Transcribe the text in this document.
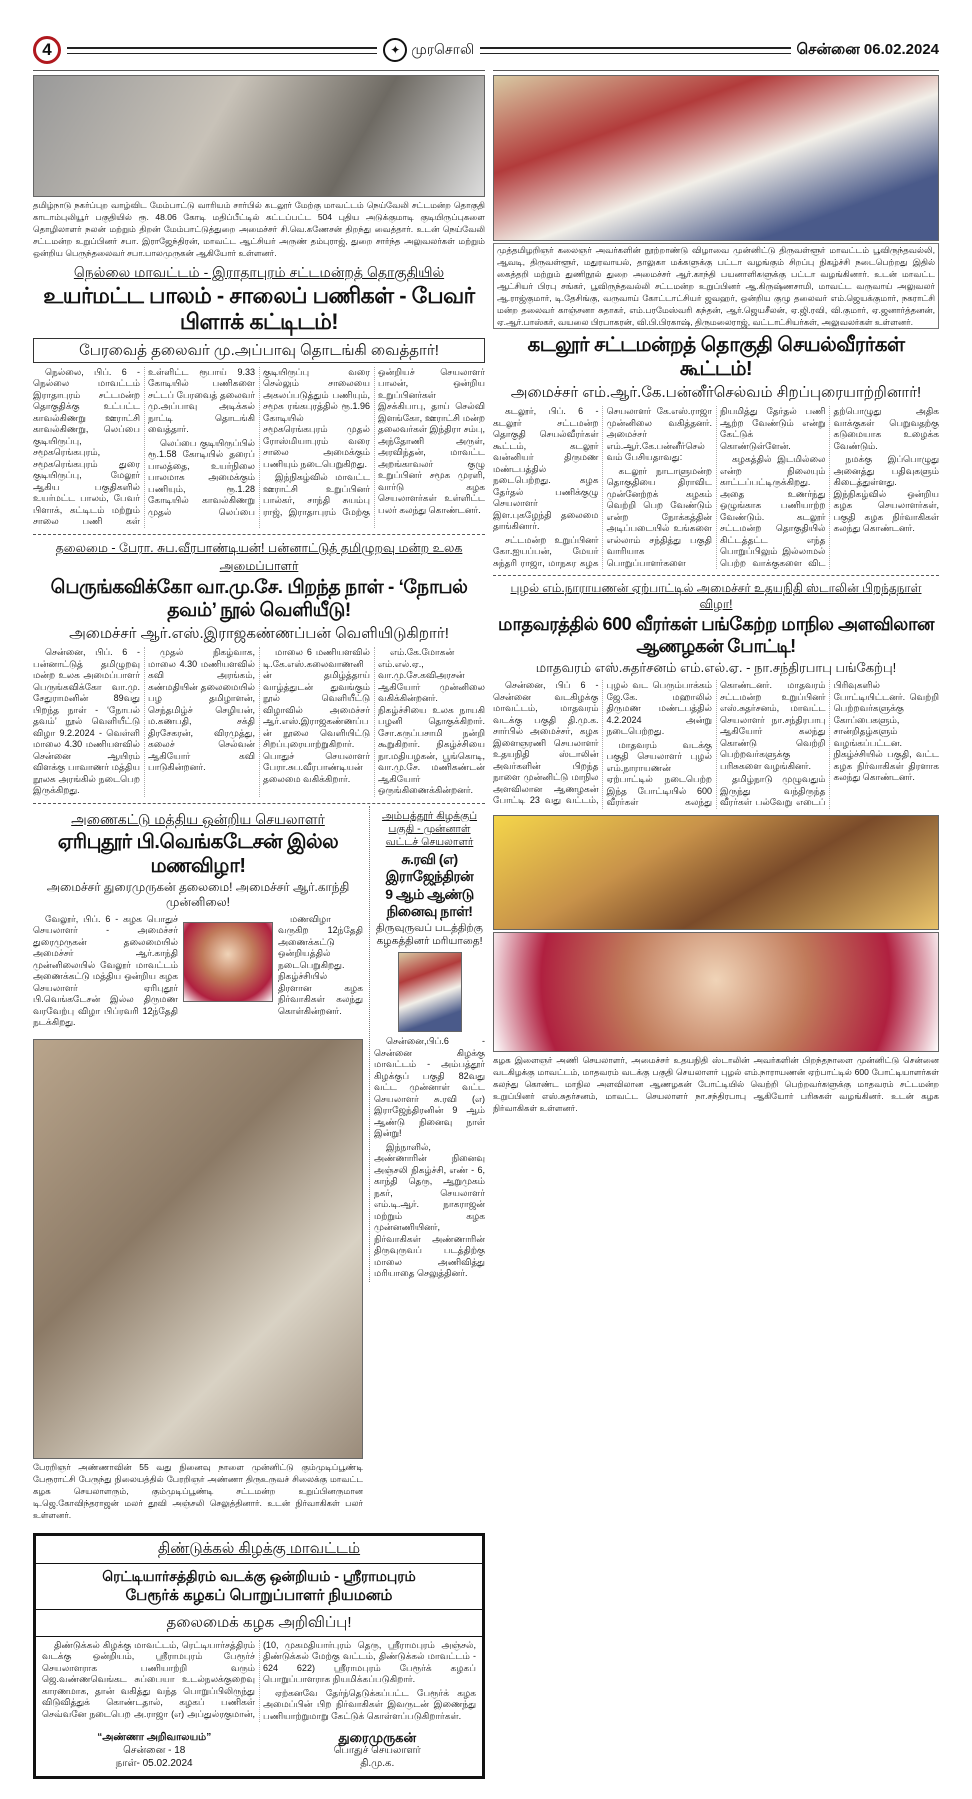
4	✦ முரசொலி	சென்னை 06.02.2024
தமிழ்நாடு நகர்ப்புற வாழ்விட மேம்பாட்டு வாரியம் சார்பில் கடலூர் மேற்கு மாவட்டம் நெய்வேலி சட்டமன்ற தொகுதி காடாம்புலியூர் பகுதியில் ரூ. 48.06 கோடி மதிப்பீட்டில் கட்டப்பட்ட 504 புதிய அடுக்குமாடி குடியிருப்புகளை தொழிலாளர் நலன் மற்றும் திறன் மேம்பாட்டுத்துறை அமைச்சர் சி.வெ.கணேசன் திறந்து வைத்தார். உடன் நெய்வேலி சட்டமன்ற உறுப்பினர் சபா. இராஜேந்திரன், மாவட்ட ஆட்சியர் அருண் தம்புராஜ், துறை சார்ந்த அலுவலர்கள் மற்றும் ஒன்றிய பெருந்தலைவர் சபா.பாலமுருகன் ஆகியோர் உள்ளனர்.
நெல்லை மாவட்டம் - இராதாபுரம் சட்டமன்றத் தொகுதியில்
உயர்மட்ட பாலம் - சாலைப் பணிகள் - பேவர் பிளாக் கட்டிடம்!
பேரவைத் தலைவர் மு.அப்பாவு தொடங்கி வைத்தார்!

நெல்லை, பிப். 6 - நெல்லை மாவட்டம் இராதாபுரம் சட்டமன்ற தொகுதிக்கு உட்பட்ட காவல்கிணறு ஊராட்சி காவல்கிணறு, லெப்பை குடியிருப்பு, சமூகரெங்கபுரம், சமூகரெங்கபுரம் துரை குடியிருப்பு, மேலூர் ஆகிய பகுதிகளில் உயர்மட்ட பாலம், பேவர் பிளாக், கட்டிடம் மற்றும் சாலை பணி கள் உள்ளிட்ட ரூபாய் 9.33 கோடியில் பணிகளை சட்டப் பேரவைத் தலைவர் மு.அப்பாவு அடிக்கல் நாட்டி தொடங்கி வைத்தார்.

லெப்பை குடியிருப்பில் ரூ.1.58 கோடியில் தரைப் பாலத்தை, உயர்நிலை பாலமாக அமைக்கும் பணியும், ரூ.1.28 கோடியில் காவல்கிணறு முதல் லெப்பை குடியிருப்பு வரை செல்லும் சாலையை அகலப்படுத்தும் பணியும், சமூக ரங்கபுரத்தில் ரூ.1.96 கோடியில் சமூகரெங்கபுரம் முதல் ரோஸ்மியாபுரம் வரை சாலை அமைக்கும் பணியும் நடைபெறுகிறது.

இந்நிகழ்வில் மாவட்ட ஊராட்சி உறுப்பினர் பால்கர், சாந்தி சுயம்பு ராஜ், இராதாபுரம் மேற்கு ஒன்றியச் செயலாளர் பாலன், ஒன்றிய உறுப்பினர்கள் இசக்கிபாபு, தாய் செல்வி இளங்கோ, ஊராட்சி மன்ற தலைவர்கள் இந்திரா சம்பு, அந்தோணி அருள், அரவிந்தன், மாவட்ட அறங்காவலர் குழு உறுப்பினர் சமூக முரளி, வார்டு கழக செயலாளர்கள் உள்ளிட்ட பலர் கலந்து கொண்டனர்.

தலைமை - பேரா. சுப.வீரபாண்டியன்! பன்னாட்டுத் தமிழுறவு மன்ற உலக அமைப்பாளர்
பெருங்கவிக்கோ வா.மு.சே. பிறந்த நாள் - ‘நோபல் தவம்’ நூல் வெளியீடு!
அமைச்சர் ஆர்.எஸ்.இராஜகண்ணப்பன் வெளியிடுகிறார்!

சென்னை, பிப். 6 - பன்னாட்டுத் தமிழுறவு மன்ற உலக அமைப்பாளர் பெருங்கவிக்கோ வா.மு. சேதுராமனின் 89வது பிறந்த நாள் - ‘நோபல் தவம்’ நூல் வெளியீட்டு விழா 9.2.2024 - வெள்ளி மாலை 4.30 மணியளவில் சென்னை ஆயிரம் விளக்கு பாவாணர் மத்திய நூலக அரங்கில் நடைபெற இருக்கிறது.

முதல் நிகழ்வாக, மாலை 4.30 மணியளவில் கவி அரங்கம், கண்மதியின் தலைமையில் பழ தமிழாளன், செந்தமிழ்ச் செழியன், ம.கணபதி, சக்தி திரசேகரன், விரமுத்து, கலைச் செல்வன் ஆகியோர் கவி பாடுகின்றனர்.

மாலை 6 மணியளவில் டி.கே.எஸ்.கலைவாணனின் தமிழ்த்தாய் வாழ்த்துடன் துவங்கும் நூல் வெளியீட்டு விழாவில் அமைச்சர் ஆர்.எஸ்.இராஜகண்ணப்பன் நூலை வெளியிட்டு சிறப்புரையாற்றுகிறார். பொதுச் செயலாளர் பேரா.சுப.வீரபாண்டியன் தலைமை வகிக்கிறார்.

எம்.கே.மோகன் எம்.எல்.ஏ., வா.மு.சே.கவிஅரசன் ஆகியோர் முன்னிலை வகிக்கின்றனர். நிகழ்ச்சியை உலக நாயகி பழனி தொகுக்கிறார். சோ.கருப்பசாமி நன்றி கூறுகிறார். நிகழ்ச்சியை நா.மதியழகன், பூங்கொடி, வா.மு.சே. மணிகண்டன் ஆகியோர் ஒருங்கிணைக்கின்றனர்.

அணைகட்டு மத்திய ஒன்றிய செயலாளர்
ஏரிபுதூர் பி.வெங்கடேசன் இல்ல மணவிழா!
அமைச்சர் துரைமுருகன் தலைமை! அமைச்சர் ஆர்.காந்தி முன்னிலை!

வேலூர், பிப். 6 - கழக பொதுச் செயலாளர் - அமைச்சர் துரைமுருகன் தலைமையில் அமைச்சர் ஆர்.காந்தி முன்னிலையில் வேலூர் மாவட்டம் அணைக்கட்டு மத்திய ஒன்றிய கழக செயலாளர் ஏரிபுதூர் பி.வெங்கடேசன் இல்ல திருமண வரவேற்பு விழா பிப்ரவரி 12ந்தேதி நடக்கிறது.

மணவிழா வருகிற 12ந்தேதி அணைக்கட்டு ஒன்றியத்தில் நடைபெறுகிறது. நிகழ்ச்சியில் திரளான கழக நிர்வாகிகள் கலந்து கொள்கின்றனர்.

பேரறிஞர் அண்ணாவின் 55 வது நினைவு நாளை முன்னிட்டு கும்முடிப்பூண்டி பேரூராட்சி பேருந்து நிலையத்தில் பேரறிஞர் அண்ணா திருஉருவச் சிலைக்கு மாவட்ட கழக செயலாளரும், கும்முடிப்பூண்டி சட்டமன்ற உறுப்பினருமான டி.ஜெ.கோவிந்தராஜன் மலர் தூவி அஞ்சலி செலுத்தினார். உடன் நிர்வாகிகள் பலர் உள்ளனர்.
அம்பத்தூர் கிழக்குப் பகுதி - முன்னாள் வட்டச் செயலாளர்
சு.ரவி (எ) இராஜேந்திரன்
9 ஆம் ஆண்டு நினைவு நாள்!
திருவுருவப் படத்திற்கு கழகத்தினர் மரியாதை!

சென்னை,பிப்.6 - சென்னை கிழக்கு மாவட்டம் - அம்பத்தூர் கிழக்குப் பகுதி 82வது வட்ட முன்னாள் வட்ட செயலாளர் சு.ரவி (எ) இராஜேந்திரனின் 9 ஆம் ஆண்டு நினைவு நாள் இன்று!

இந்நாளில், அண்ணாரின் நினைவு அஞ்சலி நிகழ்ச்சி, எண் - 6, காந்தி தெரு, ஆறுமுகம் நகர், செயலாளர் எம்.டி.ஆர். நாகராஜன் மற்றும் கழக முன்னணியினர், நிர்வாகிகள் அண்ணாரின் திருவுருவப் படத்திற்கு மாலை அணிவித்து மரியாதை செலுத்தினர்.

திண்டுக்கல் கிழக்கு மாவட்டம்
ரெட்டியார்சத்திரம் வடக்கு ஒன்றியம் - ஸ்ரீராமபுரம்
பேரூர்க் கழகப் பொறுப்பாளர் நியமனம்
தலைமைக் கழக அறிவிப்பு!

திண்டுக்கல் கிழக்கு மாவட்டம், ரெட்டியார்சத்திரம் வடக்கு ஒன்றியம், ஸ்ரீராமபுரம் பேரூர்ச் செயலாளராக பணியாற்றி வரும் ஜெ.வண்ணவெங்கட சுப்பையா உடல்நலக்குறைவு காரணமாக, தான் வகித்து வந்த பொறுப்பிலிருந்து விடுவித்துக் கொண்டதால், கழகப் பணிகள் செவ்வனே நடைபெற அ.ராஜா (எ) அப்துல்ரகுமான், (10, முகமதியார்புரம் தெரு, ஸ்ரீராமபுரம் அஞ்சல், திண்டுக்கல் மேற்கு வட்டம், திண்டுக்கல் மாவட்டம் - 624 622) ஸ்ரீராமபுரம் பேரூர்க் கழகப் பொறுப்பாளராக நியமிக்கப்படுகிறார்.

ஏற்கனவே தேர்ந்தெடுக்கப்பட்ட பேரூர்க் கழக அமைப்பின் பிற நிர்வாகிகள் இவருடன் இணைந்து பணியாற்றுமாறு கேட்டுக் கொள்ளப்படுகிறார்கள்.

“அண்ணா அறிவாலயம்”
சென்னை - 18
நாள்- 05.02.2024
துரைமுருகன்
பொதுச் செயலாளர்
தி.மு.க.
முத்தமிழறிஞர் கலைஞர் அவர்களின் நூற்றாண்டு விழாவை முன்னிட்டு திருவள்ளூர் மாவட்டம் பூவிருந்தவல்லி, ஆவடி, திருவள்ளூர், மதுரவாயல், தாலுகா மக்களுக்கு பட்டா வழங்கும் சிறப்பு நிகழ்ச்சி நடைபெற்றது இதில் கைத்தறி மற்றும் துணிநூல் துறை அமைச்சர் ஆர்.காந்தி பயனாளிகளுக்கு பட்டா வழங்கினார். உடன் மாவட்ட ஆட்சியர் பிரபு சங்கர், பூவிருந்தவல்லி சட்டமன்ற உறுப்பினர் ஆ.கிருஷ்ணசாமி, மாவட்ட வருவாய் அலுவலர் ஆ.ராஜ்குமார், டி.தேசிங்கு, வருவாய் கோட்டாட்சியர் ஜவஹர், ஒன்றிய குழு தலைவர் எம்.ஜெயக்குமார், நகராட்சி மன்ற தலைவர் காஞ்சனா சுதாகர், எம்.பரமேஸ்வரி கந்தன், ஆர்.ஜெயசீலன், ஏ.ஜி.ரவி, வி.குமார், ஏ.ஜனார்த்தனன், ஏ.ஆர்.பாஸ்கர், வயலை பிரபாகரன், வி.பி.பிரகாஷ், திருமலைராஜ், வட்டாட்சியர்கள், அலுவலர்கள் உள்ளனர்.
கடலூர் சட்டமன்றத் தொகுதி செயல்வீரர்கள் கூட்டம்!
அமைச்சர் எம்.ஆர்.கே.பன்னீர்செல்வம் சிறப்புரையாற்றினார்!

கடலூர், பிப். 6 - கடலூர் சட்டமன்ற தொகுதி செயல்வீரர்கள் கூட்டம், கடலூர் வன்னியர் திருமண மண்டபத்தில் நடைபெற்றது. கழக தேர்தல் பணிக்குழு செயலாளர் இள.புகழேந்தி தலைமை தாங்கினார்.

சட்டமன்ற உறுப்பினர் கோ.ஐயப்பன், மேயர் சுந்தரி ராஜா, மாநகர கழக செயலாளர் கே.எஸ்.ராஜா முன்னிலை வகித்தனர். அமைச்சர் எம்.ஆர்.கே.பன்னீர்செல்வம் பேசியதாவது:

கடலூர் நாடாளுமன்ற தொகுதியை திராவிட முன்னேற்றக் கழகம் வெற்றி பெற வேண்டும் என்ற நோக்கத்தின் அடிப்படையில் உங்களை எல்லாம் சந்தித்து பகுதி வாரியாக பொறுப்பாளர்களை நியமித்து தேர்தல் பணி ஆற்ற வேண்டும் என்று கேட்டுக் கொண்டுள்ளேன்.

கழகத்தில் இடமில்லை என்ற நிலையும் காட்டப்பட்டிருக்கிறது. அதை உணர்ந்து ஒழுங்காக பணியாற்ற வேண்டும். கடலூர் சட்டமன்ற தொகுதியில் கிட்டத்தட்ட எந்த பொறுப்பிலும் இல்லாமல் பெற்ற வாக்குகளை விட தற்பொழுது அதிக வாக்குகள் பெறுவதற்கு கடுமையாக உழைக்க வேண்டும்.

நமக்கு இப்பொழுது அனைத்து பதிவுகளும் கிடைத்துள்ளது. இந்நிகழ்வில் ஒன்றிய கழக செயலாளர்கள், பகுதி கழக நிர்வாகிகள் கலந்து கொண்டனர்.

புழல் எம்.நாராயணன் ஏற்பாட்டில் அமைச்சர் உதயநிதி ஸ்டாலின் பிறந்தநாள் விழா!
மாதவரத்தில் 600 வீரர்கள் பங்கேற்ற மாநில அளவிலான ஆணழகன் போட்டி!
மாதவரம் எஸ்.சுதர்சனம் எம்.எல்.ஏ. - நா.சந்திரபாபு பங்கேற்பு!

சென்னை, பிப் 6 - சென்னை வடகிழக்கு மாவட்டம், மாதவரம் வடக்கு பகுதி தி.மு.க. சார்பில் அமைச்சர், கழக இளைஞரணி செயலாளர் உதயநிதி ஸ்டாலின் அவர்களின் பிறந்த நாளை முன்னிட்டு மாநில அளவிலான ஆணழகன் போட்டி 23 வது வட்டம், புழல் வட பெரும்பாக்கம் ஜே.கே. மஹாலில் திருமண மண்டபத்தில் 4.2.2024 அன்று நடைபெற்றது.

மாதவரம் வடக்கு பகுதி செயலாளர் புழல் எம்.நாராயணன் ஏற்பாட்டில் நடைபெற்ற இந்த போட்டியில் 600 வீரர்கள் கலந்து கொண்டனர். மாதவரம் சட்டமன்ற உறுப்பினர் எஸ்.சுதர்சனம், மாவட்ட செயலாளர் நா.சந்திரபாபு ஆகியோர் கலந்து கொண்டு வெற்றி பெற்றவர்களுக்கு பரிசுகளை வழங்கினர்.

தமிழ்நாடு முழுவதும் இருந்து வந்திருந்த வீரர்கள் பல்வேறு எடைப் பிரிவுகளில் போட்டியிட்டனர். வெற்றி பெற்றவர்களுக்கு கோப்பைகளும், சான்றிதழ்களும் வழங்கப்பட்டன. நிகழ்ச்சியில் பகுதி, வட்ட கழக நிர்வாகிகள் திரளாக கலந்து கொண்டனர்.

கழக இளைஞர் அணி செயலாளர், அமைச்சர் உதயநிதி ஸ்டாலின் அவர்களின் பிறந்தநாளை முன்னிட்டு சென்னை வடகிழக்கு மாவட்டம், மாதவரம் வடக்கு பகுதி செயலாளர் புழல் எம்.நாராயணன் ஏற்பாட்டில் 600 போட்டியாளர்கள் கலந்து கொண்ட மாநில அளவிலான ஆணழகன் போட்டியில் வெற்றி பெற்றவர்களுக்கு மாதவரம் சட்டமன்ற உறுப்பினர் எஸ்.சுதர்சனம், மாவட்ட செயலாளர் நா.சந்திரபாபு ஆகியோர் பரிசுகள் வழங்கினர். உடன் கழக நிர்வாகிகள் உள்ளனர்.
